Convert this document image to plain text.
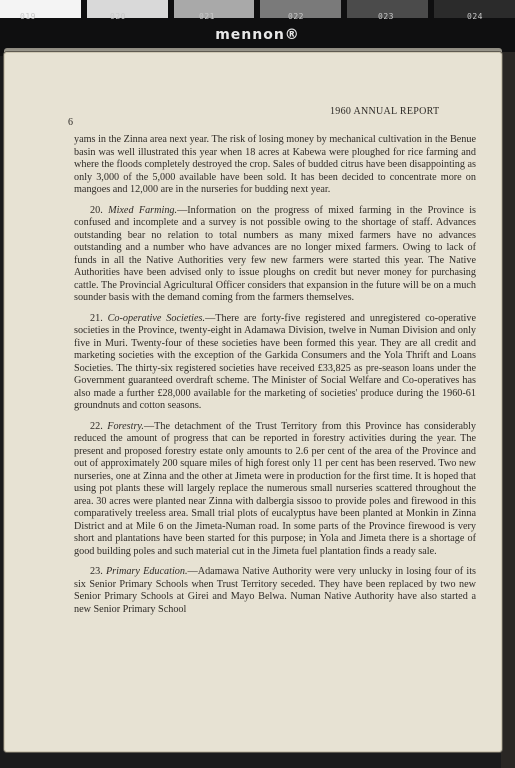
019	020	021	022	023	024
mennon®
6
1960 ANNUAL REPORT

yams in the Zinna area next year. The risk of losing money by mechanical cultivation in the Benue basin was well illustrated this year when 18 acres at Kabewa were ploughed for rice farming and where the floods completely destroyed the crop. Sales of budded citrus have been disappointing as only 3,000 of the 5,000 available have been sold. It has been decided to concentrate more on mangoes and 12,000 are in the nurseries for budding next year.

20. Mixed Farming.—Information on the progress of mixed farming in the Province is confused and incomplete and a survey is not possible owing to the shortage of staff. Advances outstanding bear no relation to total numbers as many mixed farmers have no advances outstanding and a number who have advances are no longer mixed farmers. Owing to lack of funds in all the Native Authorities very few new farmers were started this year. The Native Authorities have been advised only to issue ploughs on credit but never money for purchasing cattle. The Provincial Agricultural Officer considers that expansion in the future will be on a much sounder basis with the demand coming from the farmers themselves.

21. Co-operative Societies.—There are forty-five registered and unregistered co-operative societies in the Province, twenty-eight in Adamawa Division, twelve in Numan Division and only five in Muri. Twenty-four of these societies have been formed this year. They are all credit and marketing societies with the exception of the Garkida Consumers and the Yola Thrift and Loans Societies. The thirty-six registered societies have received £33,825 as pre-season loans under the Government guaranteed overdraft scheme. The Minister of Social Welfare and Co-operatives has also made a further £28,000 available for the marketing of societies' produce during the 1960-61 groundnuts and cotton seasons.

22. Forestry.—The detachment of the Trust Territory from this Province has considerably reduced the amount of progress that can be reported in forestry activities during the year. The present and proposed forestry estate only amounts to 2.6 per cent of the area of the Province and out of approximately 200 square miles of high forest only 11 per cent has been reserved. Two new nurseries, one at Zinna and the other at Jimeta were in production for the first time. It is hoped that using pot plants these will largely replace the numerous small nurseries scattered throughout the area. 30 acres were planted near Zinna with dalbergia sissoo to provide poles and firewood in this comparatively treeless area. Small trial plots of eucalyptus have been planted at Monkin in Zinna District and at Mile 6 on the Jimeta-Numan road. In some parts of the Province firewood is very short and plantations have been started for this purpose; in Yola and Jimeta there is a shortage of good building poles and such material cut in the Jimeta fuel plantation finds a ready sale.

23. Primary Education.—Adamawa Native Authority were very unlucky in losing four of its six Senior Primary Schools when Trust Territory seceded. They have been replaced by two new Senior Primary Schools at Girei and Mayo Belwa. Numan Native Authority have also started a new Senior Primary School
